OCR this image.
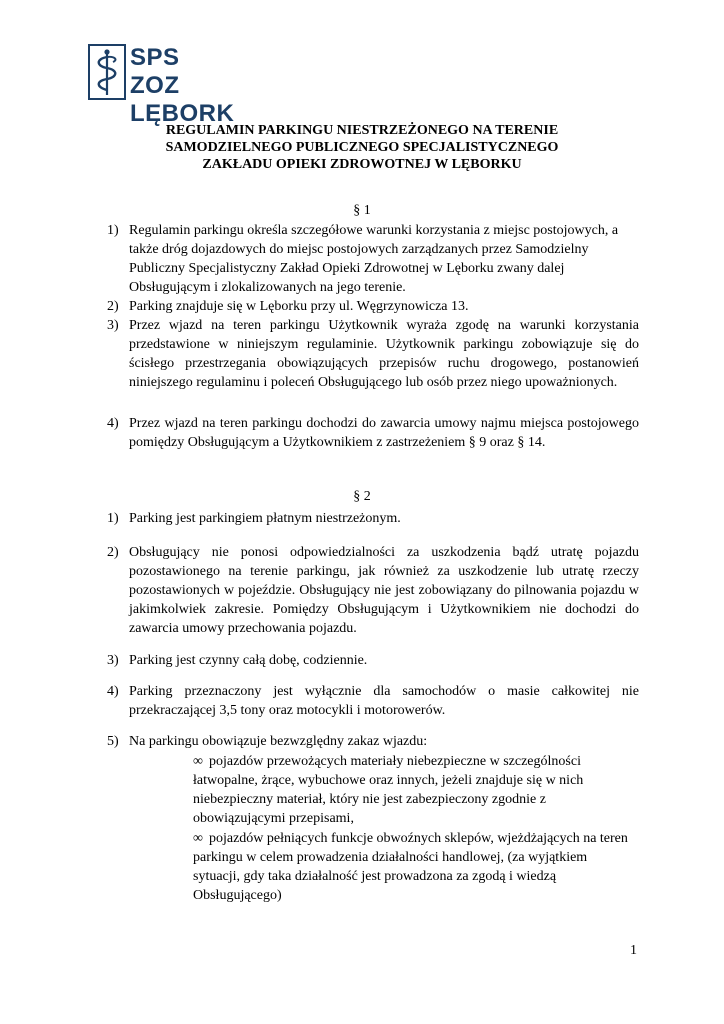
SPS ZOZ
LĘBORK
REGULAMIN PARKINGU NIESTRZEŻONEGO NA TERENIE
SAMODZIELNEGO PUBLICZNEGO SPECJALISTYCZNEGO
ZAKŁADU OPIEKI ZDROWOTNEJ W LĘBORKU
§ 1
1) Regulamin parkingu określa szczegółowe warunki korzystania z miejsc postojowych, a także dróg dojazdowych do miejsc postojowych zarządzanych przez Samodzielny Publiczny Specjalistyczny Zakład Opieki Zdrowotnej w Lęborku zwany dalej Obsługującym i zlokalizowanych na jego terenie.
2) Parking znajduje się w Lęborku przy ul. Węgrzynowicza 13.
3) Przez wjazd na teren parkingu Użytkownik wyraża zgodę na warunki korzystania przedstawione w niniejszym regulaminie. Użytkownik parkingu zobowiązuje się do ścisłego przestrzegania obowiązujących przepisów ruchu drogowego, postanowień niniejszego regulaminu i poleceń Obsługującego lub osób przez niego upoważnionych.
4) Przez wjazd na teren parkingu dochodzi do zawarcia umowy najmu miejsca postojowego pomiędzy Obsługującym a Użytkownikiem z zastrzeżeniem § 9 oraz § 14.
§ 2
1) Parking jest parkingiem płatnym niestrzeżonym.
2) Obsługujący nie ponosi odpowiedzialności za uszkodzenia bądź utratę pojazdu pozostawionego na terenie parkingu, jak również za uszkodzenie lub utratę rzeczy pozostawionych w pojeździe. Obsługujący nie jest zobowiązany do pilnowania pojazdu w jakimkolwiek zakresie. Pomiędzy Obsługującym i Użytkownikiem nie dochodzi do zawarcia umowy przechowania pojazdu.
3) Parking jest czynny całą dobę, codziennie.
4) Parking przeznaczony jest wyłącznie dla samochodów o masie całkowitej nie przekraczającej 3,5 tony oraz motocykli i motorowerów.
5) Na parkingu obowiązuje bezwzględny zakaz wjazdu:
∞ pojazdów przewożących materiały niebezpieczne w szczególności łatwopalne, żrące, wybuchowe oraz innych, jeżeli znajduje się w nich niebezpieczny materiał, który nie jest zabezpieczony zgodnie z obowiązującymi przepisami,
∞ pojazdów pełniących funkcje obwoźnych sklepów, wjeżdżających na teren parkingu w celem prowadzenia działalności handlowej, (za wyjątkiem sytuacji, gdy taka działalność jest prowadzona za zgodą i wiedzą Obsługującego)
1
